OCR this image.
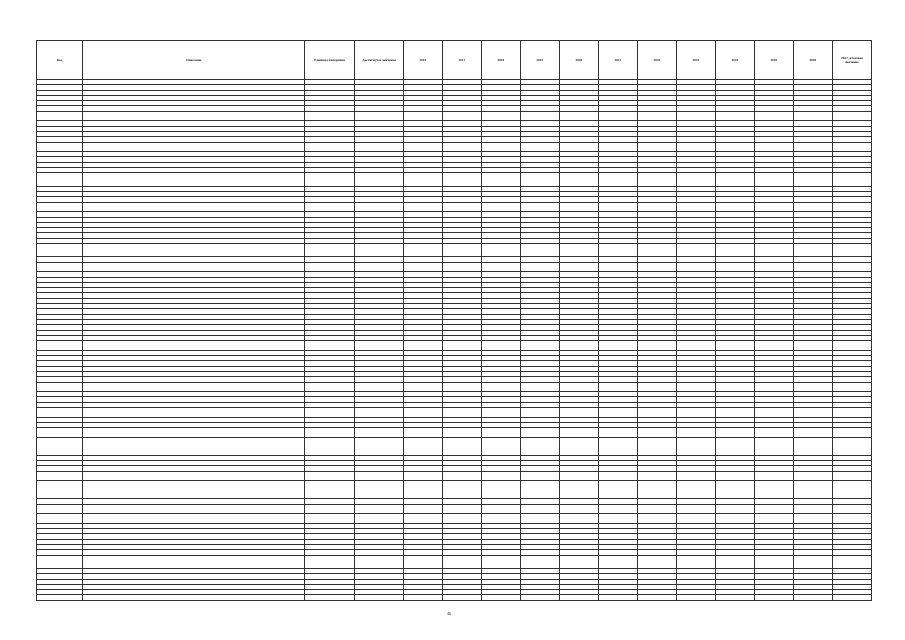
Код	Описание	Единица измерения	Достигнутое значение	2016	2017	2018	2019	2020	2021	2022	2023	2024	2025	2026	2027, итоговое значение

46
